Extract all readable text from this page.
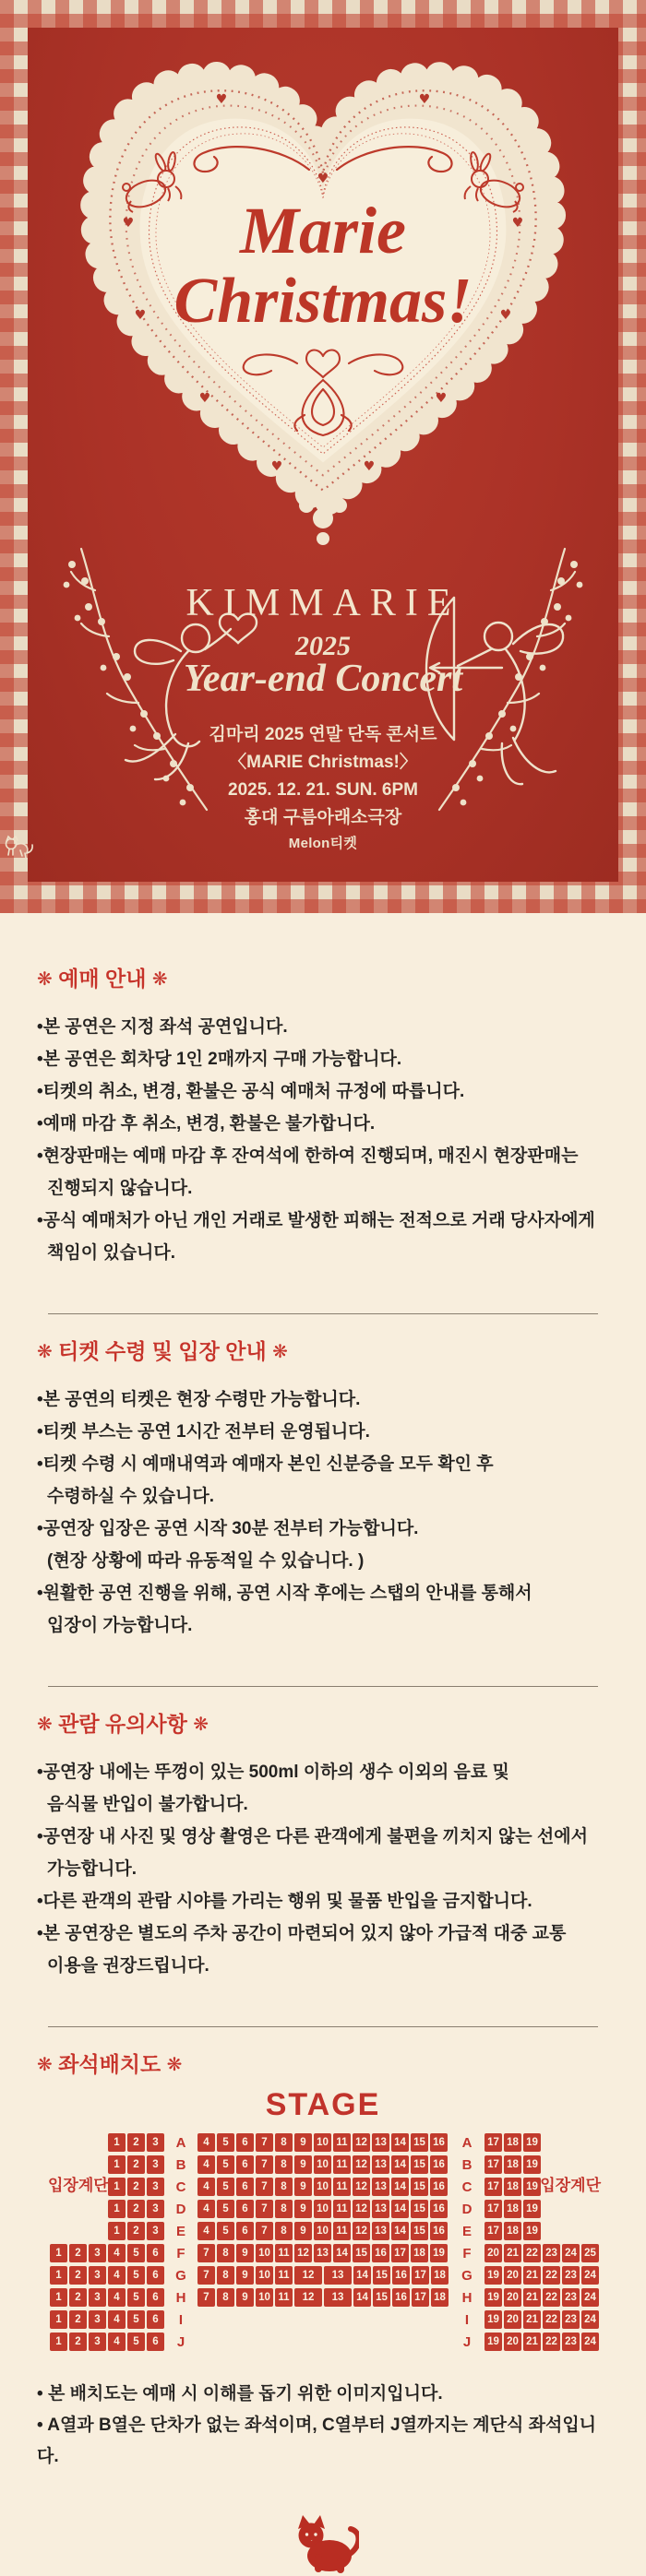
♥	♥
♥
♥	♥
♥	♥
♥	♥
♥	♥
Marie
Christmas!
KIMMARIE
2025
Year-end Concert
김마리 2025 연말 단독 콘서트
〈MARIE Christmas!〉
2025. 12. 21. SUN. 6PM
홍대 구름아래소극장
Melon티켓
❋ 예매 안내 ❋
•본 공연은 지정 좌석 공연입니다.
•본 공연은 회차당 1인 2매까지 구매 가능합니다.
•티켓의 취소, 변경, 환불은 공식 예매처 규정에 따릅니다.
•예매 마감 후 취소, 변경, 환불은 불가합니다.
•현장판매는 예매 마감 후 잔여석에 한하여 진행되며, 매진시 현장판매는
진행되지 않습니다.
•공식 예매처가 아닌 개인 거래로 발생한 피해는 전적으로 거래 당사자에게
책임이 있습니다.
❋ 티켓 수령 및 입장 안내 ❋
•본 공연의 티켓은 현장 수령만 가능합니다.
•티켓 부스는 공연 1시간 전부터 운영됩니다.
•티켓 수령 시 예매내역과 예매자 본인 신분증을 모두 확인 후
수령하실 수 있습니다.
•공연장 입장은 공연 시작 30분 전부터 가능합니다.
(현장 상황에 따라 유동적일 수 있습니다. )
•원활한 공연 진행을 위해, 공연 시작 후에는 스탭의 안내를 통해서
입장이 가능합니다.
❋ 관람 유의사항 ❋
•공연장 내에는 뚜껑이 있는 500ml 이하의 생수 이외의 음료 및
음식물 반입이 불가합니다.
•공연장 내 사진 및 영상 촬영은 다른 관객에게 불편을 끼치지 않는 선에서
가능합니다.
•다른 관객의 관람 시야를 가리는 행위 및 물품 반입을 금지합니다.
•본 공연장은 별도의 주차 공간이 마련되어 있지 않아 가급적 대중 교통
이용을 권장드립니다.
❋ 좌석배치도 ❋
STAGE
입장계단	입장계단
1	2	3	A	4	5	6	7	8	9 10 11 12 13 14 15 16	A	17 18 19
1	2	3	B	4	5	6	7	8	9 10 11 12 13 14 15 16	B	17 18 19
1	2	3	C	4	5	6	7	8	9 10 11 12 13 14 15 16	C	17 18 19
1	2	3	D	4	5	6	7	8	9 10 11 12 13 14 15 16	D	17 18 19
1	2	3	E	4	5	6	7	8	9 10 11 12 13 14 15 16	E	17 18 19
1	2	3	4	5	6	F	7	8	9 10 11 12 13 14 15 16 17 18 19	F	20 21 22 23 24 25
1	2	3	4	5	6	G	7	8	9 10 11	12	13	14 15 16 17 18	G	19 20 21 22 23 24
1	2	3	4	5	6	H	7	8	9 10 11	12	13	14 15 16 17 18	H	19 20 21 22 23 24
1	2	3	4	5	6	I	I	19 20 21 22 23 24
1	2	3	4	5	6	J	J	19 20 21 22 23 24
• 본 배치도는 예매 시 이해를 돕기 위한 이미지입니다.
• A열과 B열은 단차가 없는 좌석이며, C열부터 J열까지는 계단식 좌석입니다.
